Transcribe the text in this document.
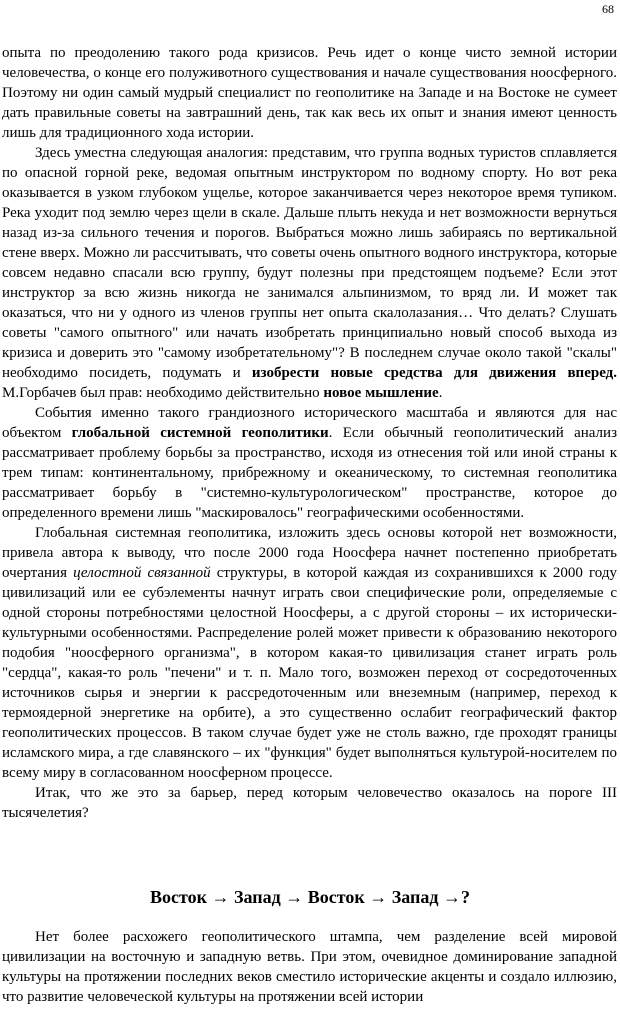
68

опыта по преодолению такого рода кризисов. Речь идет о конце чисто земной истории человечества, о конце его полуживотного существования и начале существования ноосферного. Поэтому ни один самый мудрый специалист по геополитике на Западе и на Востоке не сумеет дать правильные советы на завтрашний день, так как весь их опыт и знания имеют ценность лишь для традиционного хода истории.

Здесь уместна следующая аналогия: представим, что группа водных туристов сплавляется по опасной горной реке, ведомая опытным инструктором по водному спорту. Но вот река оказывается в узком глубоком ущелье, которое заканчивается через некоторое время тупиком. Река уходит под землю через щели в скале. Дальше плыть некуда и нет возможности вернуться назад из-за сильного течения и порогов. Выбраться можно лишь забираясь по вертикальной стене вверх. Можно ли рассчитывать, что советы очень опытного водного инструктора, которые совсем недавно спасали всю группу, будут полезны при предстоящем подъеме? Если этот инструктор за всю жизнь никогда не занимался альпинизмом, то вряд ли. И может так оказаться, что ни у одного из членов группы нет опыта скалолазания… Что делать? Слушать советы "самого опытного" или начать изобретать принципиально новый способ выхода из кризиса и доверить это "самому изобретательному"? В последнем случае около такой "скалы" необходимо посидеть, подумать и изобрести новые средства для движения вперед. М.Горбачев был прав: необходимо действительно новое мышление.

События именно такого грандиозного исторического масштаба и являются для нас объектом глобальной системной геополитики. Если обычный геополитический анализ рассматривает проблему борьбы за пространство, исходя из отнесения той или иной страны к трем типам: континентальному, прибрежному и океаническому, то системная геополитика рассматривает борьбу в "системно-культурологическом" пространстве, которое до определенного времени лишь "маскировалось" географическими особенностями.

Глобальная системная геополитика, изложить здесь основы которой нет возможности, привела автора к выводу, что после 2000 года Ноосфера начнет постепенно приобретать очертания целостной связанной структуры, в которой каждая из сохранившихся к 2000 году цивилизаций или ее субэлементы начнут играть свои специфические роли, определяемые с одной стороны потребностями целостной Ноосферы, а с другой стороны – их исторически-культурными особенностями. Распределение ролей может привести к образованию некоторого подобия "ноосферного организма", в котором какая-то цивилизация станет играть роль "сердца", какая-то роль "печени" и т. п. Мало того, возможен переход от сосредоточенных источников сырья и энергии к рассредоточенным или внеземным (например, переход к термоядерной энергетике на орбите), а это существенно ослабит географический фактор геополитических процессов. В таком случае будет уже не столь важно, где проходят границы исламского мира, а где славянского – их "функция" будет выполняться культурой-носителем по всему миру в согласованном ноосферном процессе.

Итак, что же это за барьер, перед которым человечество оказалось на пороге III тысячелетия?

Восток → Запад → Восток → Запад →?

Нет более расхожего геополитического штампа, чем разделение всей мировой цивилизации на восточную и западную ветвь. При этом, очевидное доминирование западной культуры на протяжении последних веков сместило исторические акценты и создало иллюзию, что развитие человеческой культуры на протяжении всей истории
